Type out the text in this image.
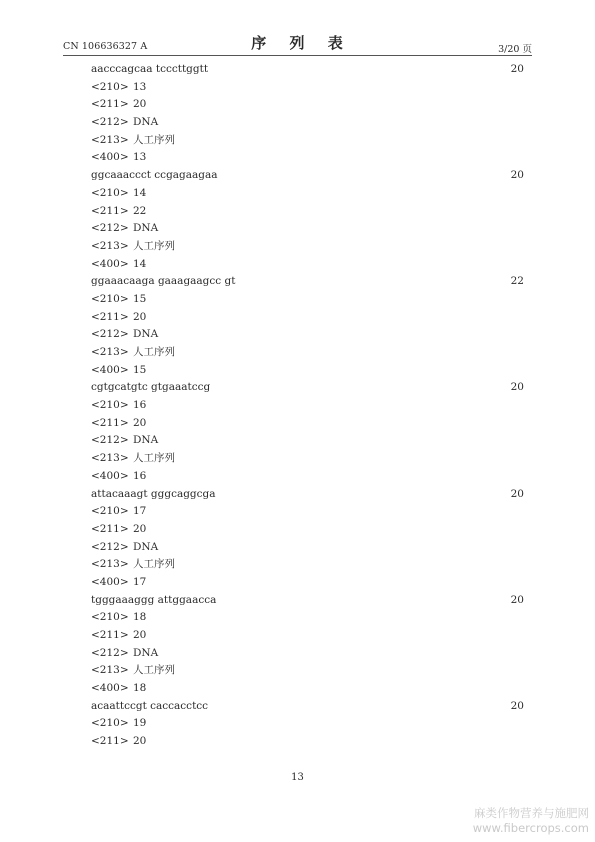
CN 106636327 A	序 列 表	3/20 页
aacccagcaa tcccttggtt	20
<210> 13
<211> 20
<212> DNA
<213> 人工序列
<400> 13
ggcaaaccct ccgagaagaa	20
<210> 14
<211> 22
<212> DNA
<213> 人工序列
<400> 14
ggaaacaaga gaaagaagcc gt	22
<210> 15
<211> 20
<212> DNA
<213> 人工序列
<400> 15
cgtgcatgtc gtgaaatccg	20
<210> 16
<211> 20
<212> DNA
<213> 人工序列
<400> 16
attacaaagt gggcaggcga	20
<210> 17
<211> 20
<212> DNA
<213> 人工序列
<400> 17
tgggaaaggg attggaacca	20
<210> 18
<211> 20
<212> DNA
<213> 人工序列
<400> 18
acaattccgt caccacctcc	20
<210> 19
<211> 20
13
麻类作物营养与施肥网
www.fibercrops.com
